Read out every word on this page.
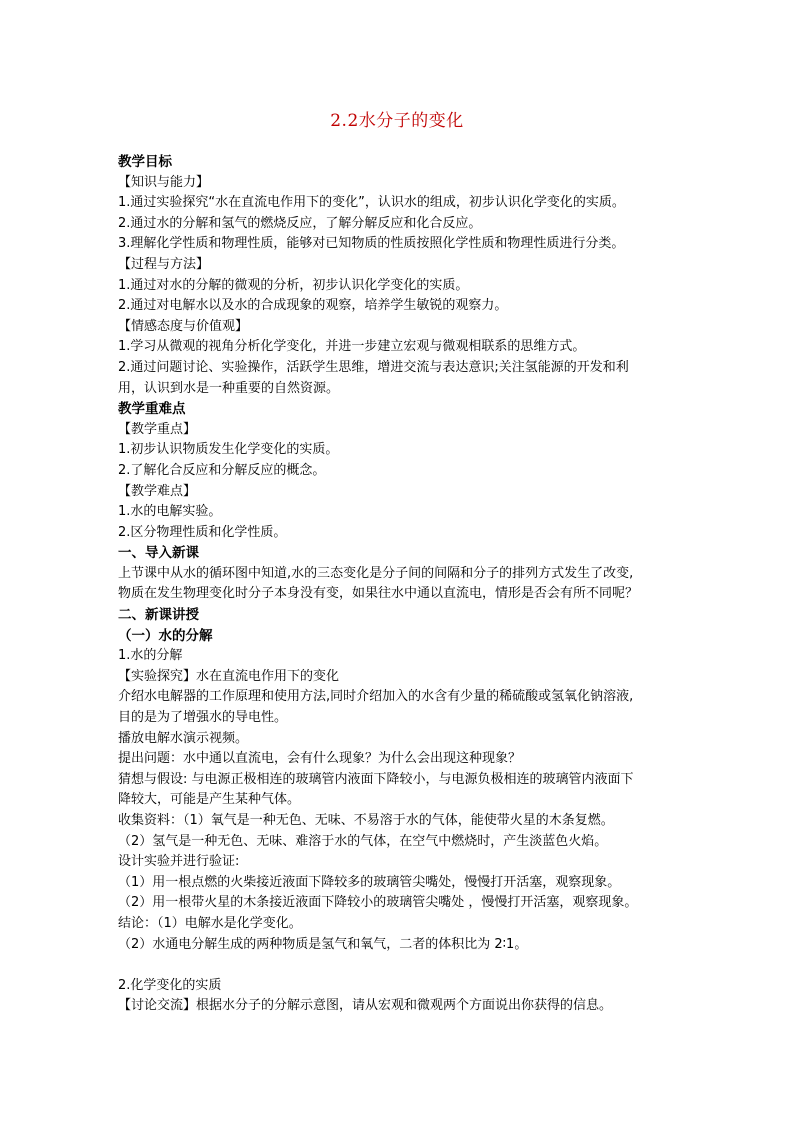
2.2水分子的变化
教学目标
【知识与能力】
1.通过实验探究“水在直流电作用下的变化”，认识水的组成，初步认识化学变化的实质。
2.通过水的分解和氢气的燃烧反应，了解分解反应和化合反应。
3.理解化学性质和物理性质，能够对已知物质的性质按照化学性质和物理性质进行分类。
【过程与方法】
1.通过对水的分解的微观的分析，初步认识化学变化的实质。
2.通过对电解水以及水的合成现象的观察，培养学生敏锐的观察力。
【情感态度与价值观】
1.学习从微观的视角分析化学变化，并进一步建立宏观与微观相联系的思维方式。
2.通过问题讨论、实验操作，活跃学生思维，增进交流与表达意识;关注氢能源的开发和利
用，认识到水是一种重要的自然资源。
教学重难点
【教学重点】
1.初步认识物质发生化学变化的实质。
2.了解化合反应和分解反应的概念。
【教学难点】
1.水的电解实验。
2.区分物理性质和化学性质。
一、导入新课
上节课中从水的循环图中知道,水的三态变化是分子间的间隔和分子的排列方式发生了改变,
物质在发生物理变化时分子本身没有变，如果往水中通以直流电，情形是否会有所不同呢？
二、新课讲授
（一）水的分解
1.水的分解
【实验探究】水在直流电作用下的变化
介绍水电解器的工作原理和使用方法,同时介绍加入的水含有少量的稀硫酸或氢氧化钠溶液,
目的是为了增强水的导电性。
播放电解水演示视频。
提出问题：水中通以直流电，会有什么现象？为什么会出现这种现象？
猜想与假设: 与电源正极相连的玻璃管内液面下降较小，与电源负极相连的玻璃管内液面下
降较大，可能是产生某种气体。
收集资料：（1）氧气是一种无色、无味、不易溶于水的气体，能使带火星的木条复燃。
（2）氢气是一种无色、无味、难溶于水的气体，在空气中燃烧时，产生淡蓝色火焰。
设计实验并进行验证:
（1）用一根点燃的火柴接近液面下降较多的玻璃管尖嘴处，慢慢打开活塞，观察现象。
（2）用一根带火星的木条接近液面下降较小的玻璃管尖嘴处 ，慢慢打开活塞，观察现象。
结论：（1）电解水是化学变化。
（2）水通电分解生成的两种物质是氢气和氧气，二者的体积比为 2∶1。
2.化学变化的实质
【讨论交流】根据水分子的分解示意图，请从宏观和微观两个方面说出你获得的信息。
